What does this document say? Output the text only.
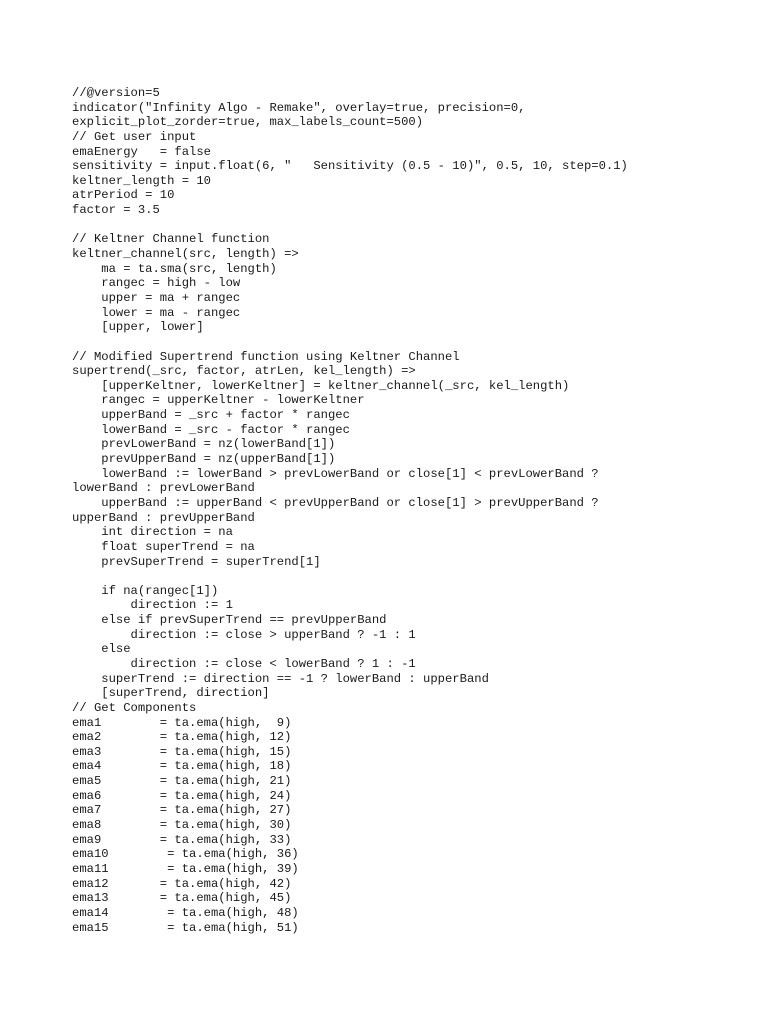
//@version=5
indicator("Infinity Algo - Remake", overlay=true, precision=0,
explicit_plot_zorder=true, max_labels_count=500)
// Get user input
emaEnergy   = false
sensitivity = input.float(6, "   Sensitivity (0.5 - 10)", 0.5, 10, step=0.1)
keltner_length = 10
atrPeriod = 10
factor = 3.5
// Keltner Channel function
keltner_channel(src, length) =>
ma = ta.sma(src, length)
rangec = high - low
upper = ma + rangec
lower = ma - rangec
[upper, lower]
// Modified Supertrend function using Keltner Channel
supertrend(_src, factor, atrLen, kel_length) =>
[upperKeltner, lowerKeltner] = keltner_channel(_src, kel_length)
rangec = upperKeltner - lowerKeltner
upperBand = _src + factor * rangec
lowerBand = _src - factor * rangec
prevLowerBand = nz(lowerBand[1])
prevUpperBand = nz(upperBand[1])
lowerBand := lowerBand > prevLowerBand or close[1] < prevLowerBand ?
lowerBand : prevLowerBand
upperBand := upperBand < prevUpperBand or close[1] > prevUpperBand ?
upperBand : prevUpperBand
int direction = na
float superTrend = na
prevSuperTrend = superTrend[1]
if na(rangec[1])
direction := 1
else if prevSuperTrend == prevUpperBand
direction := close > upperBand ? -1 : 1
else
direction := close < lowerBand ? 1 : -1
superTrend := direction == -1 ? lowerBand : upperBand
[superTrend, direction]
// Get Components
ema1        = ta.ema(high,  9)
ema2        = ta.ema(high, 12)
ema3        = ta.ema(high, 15)
ema4        = ta.ema(high, 18)
ema5        = ta.ema(high, 21)
ema6        = ta.ema(high, 24)
ema7        = ta.ema(high, 27)
ema8        = ta.ema(high, 30)
ema9        = ta.ema(high, 33)
ema10        = ta.ema(high, 36)
ema11        = ta.ema(high, 39)
ema12       = ta.ema(high, 42)
ema13       = ta.ema(high, 45)
ema14        = ta.ema(high, 48)
ema15        = ta.ema(high, 51)
